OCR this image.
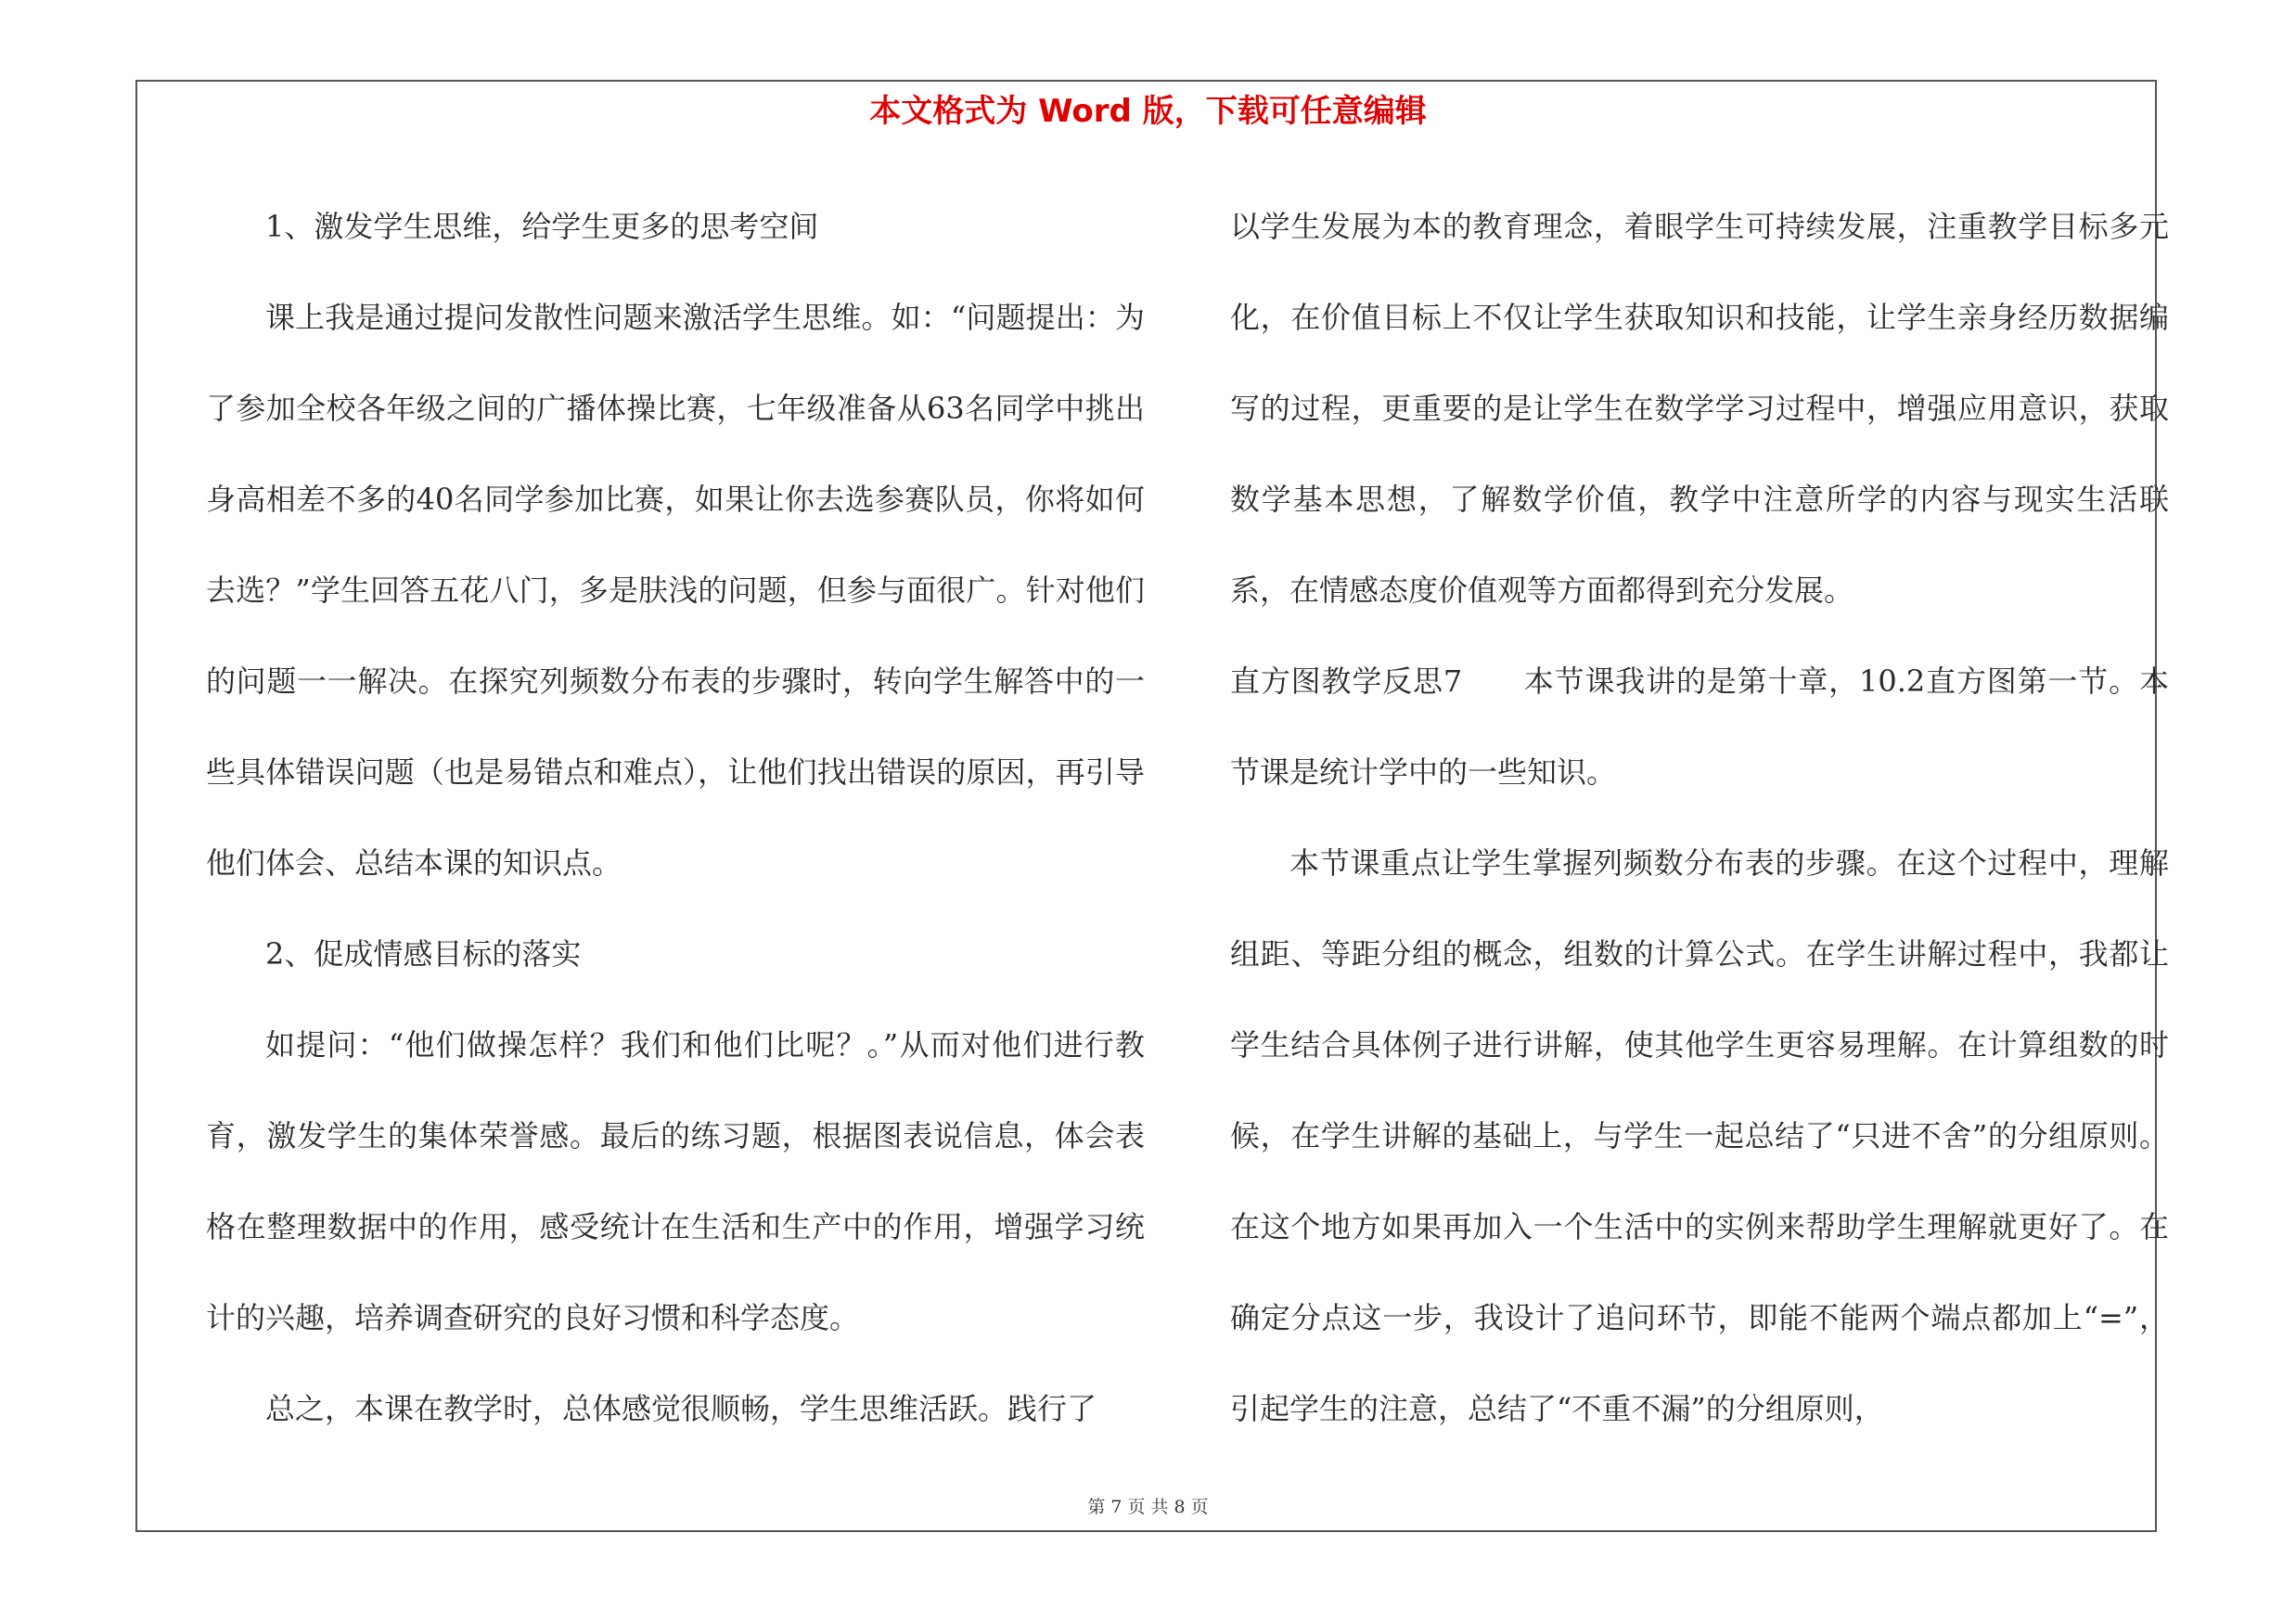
本文格式为 Word 版，下载可任意编辑

1、激发学生思维，给学生更多的思考空间

课上我是通过提问发散性问题来激活学生思维。如：“问题提出：为了参加全校各年级之间的广播体操比赛，七年级准备从63名同学中挑出身高相差不多的40名同学参加比赛，如果让你去选参赛队员，你将如何去选？”学生回答五花八门，多是肤浅的问题，但参与面很广。针对他们的问题一一解决。在探究列频数分布表的步骤时，转向学生解答中的一些具体错误问题（也是易错点和难点），让他们找出错误的原因，再引导他们体会、总结本课的知识点。

2、促成情感目标的落实

如提问：“他们做操怎样？我们和他们比呢？。”从而对他们进行教育，激发学生的集体荣誉感。最后的练习题，根据图表说信息，体会表格在整理数据中的作用，感受统计在生活和生产中的作用，增强学习统计的兴趣，培养调查研究的良好习惯和科学态度。

总之，本课在教学时，总体感觉很顺畅，学生思维活跃。践行了

以学生发展为本的教育理念，着眼学生可持续发展，注重教学目标多元化，在价值目标上不仅让学生获取知识和技能，让学生亲身经历数据编写的过程，更重要的是让学生在数学学习过程中，增强应用意识，获取数学基本思想，了解数学价值，教学中注意所学的内容与现实生活联系，在情感态度价值观等方面都得到充分发展。

直方图教学反思7　　本节课我讲的是第十章，10.2直方图第一节。本节课是统计学中的一些知识。

本节课重点让学生掌握列频数分布表的步骤。在这个过程中，理解组距、等距分组的概念，组数的计算公式。在学生讲解过程中，我都让学生结合具体例子进行讲解，使其他学生更容易理解。在计算组数的时候，在学生讲解的基础上，与学生一起总结了“只进不舍”的分组原则。在这个地方如果再加入一个生活中的实例来帮助学生理解就更好了。在确定分点这一步，我设计了追问环节，即能不能两个端点都加上“=”，引起学生的注意，总结了“不重不漏”的分组原则，

第 7 页 共 8 页
